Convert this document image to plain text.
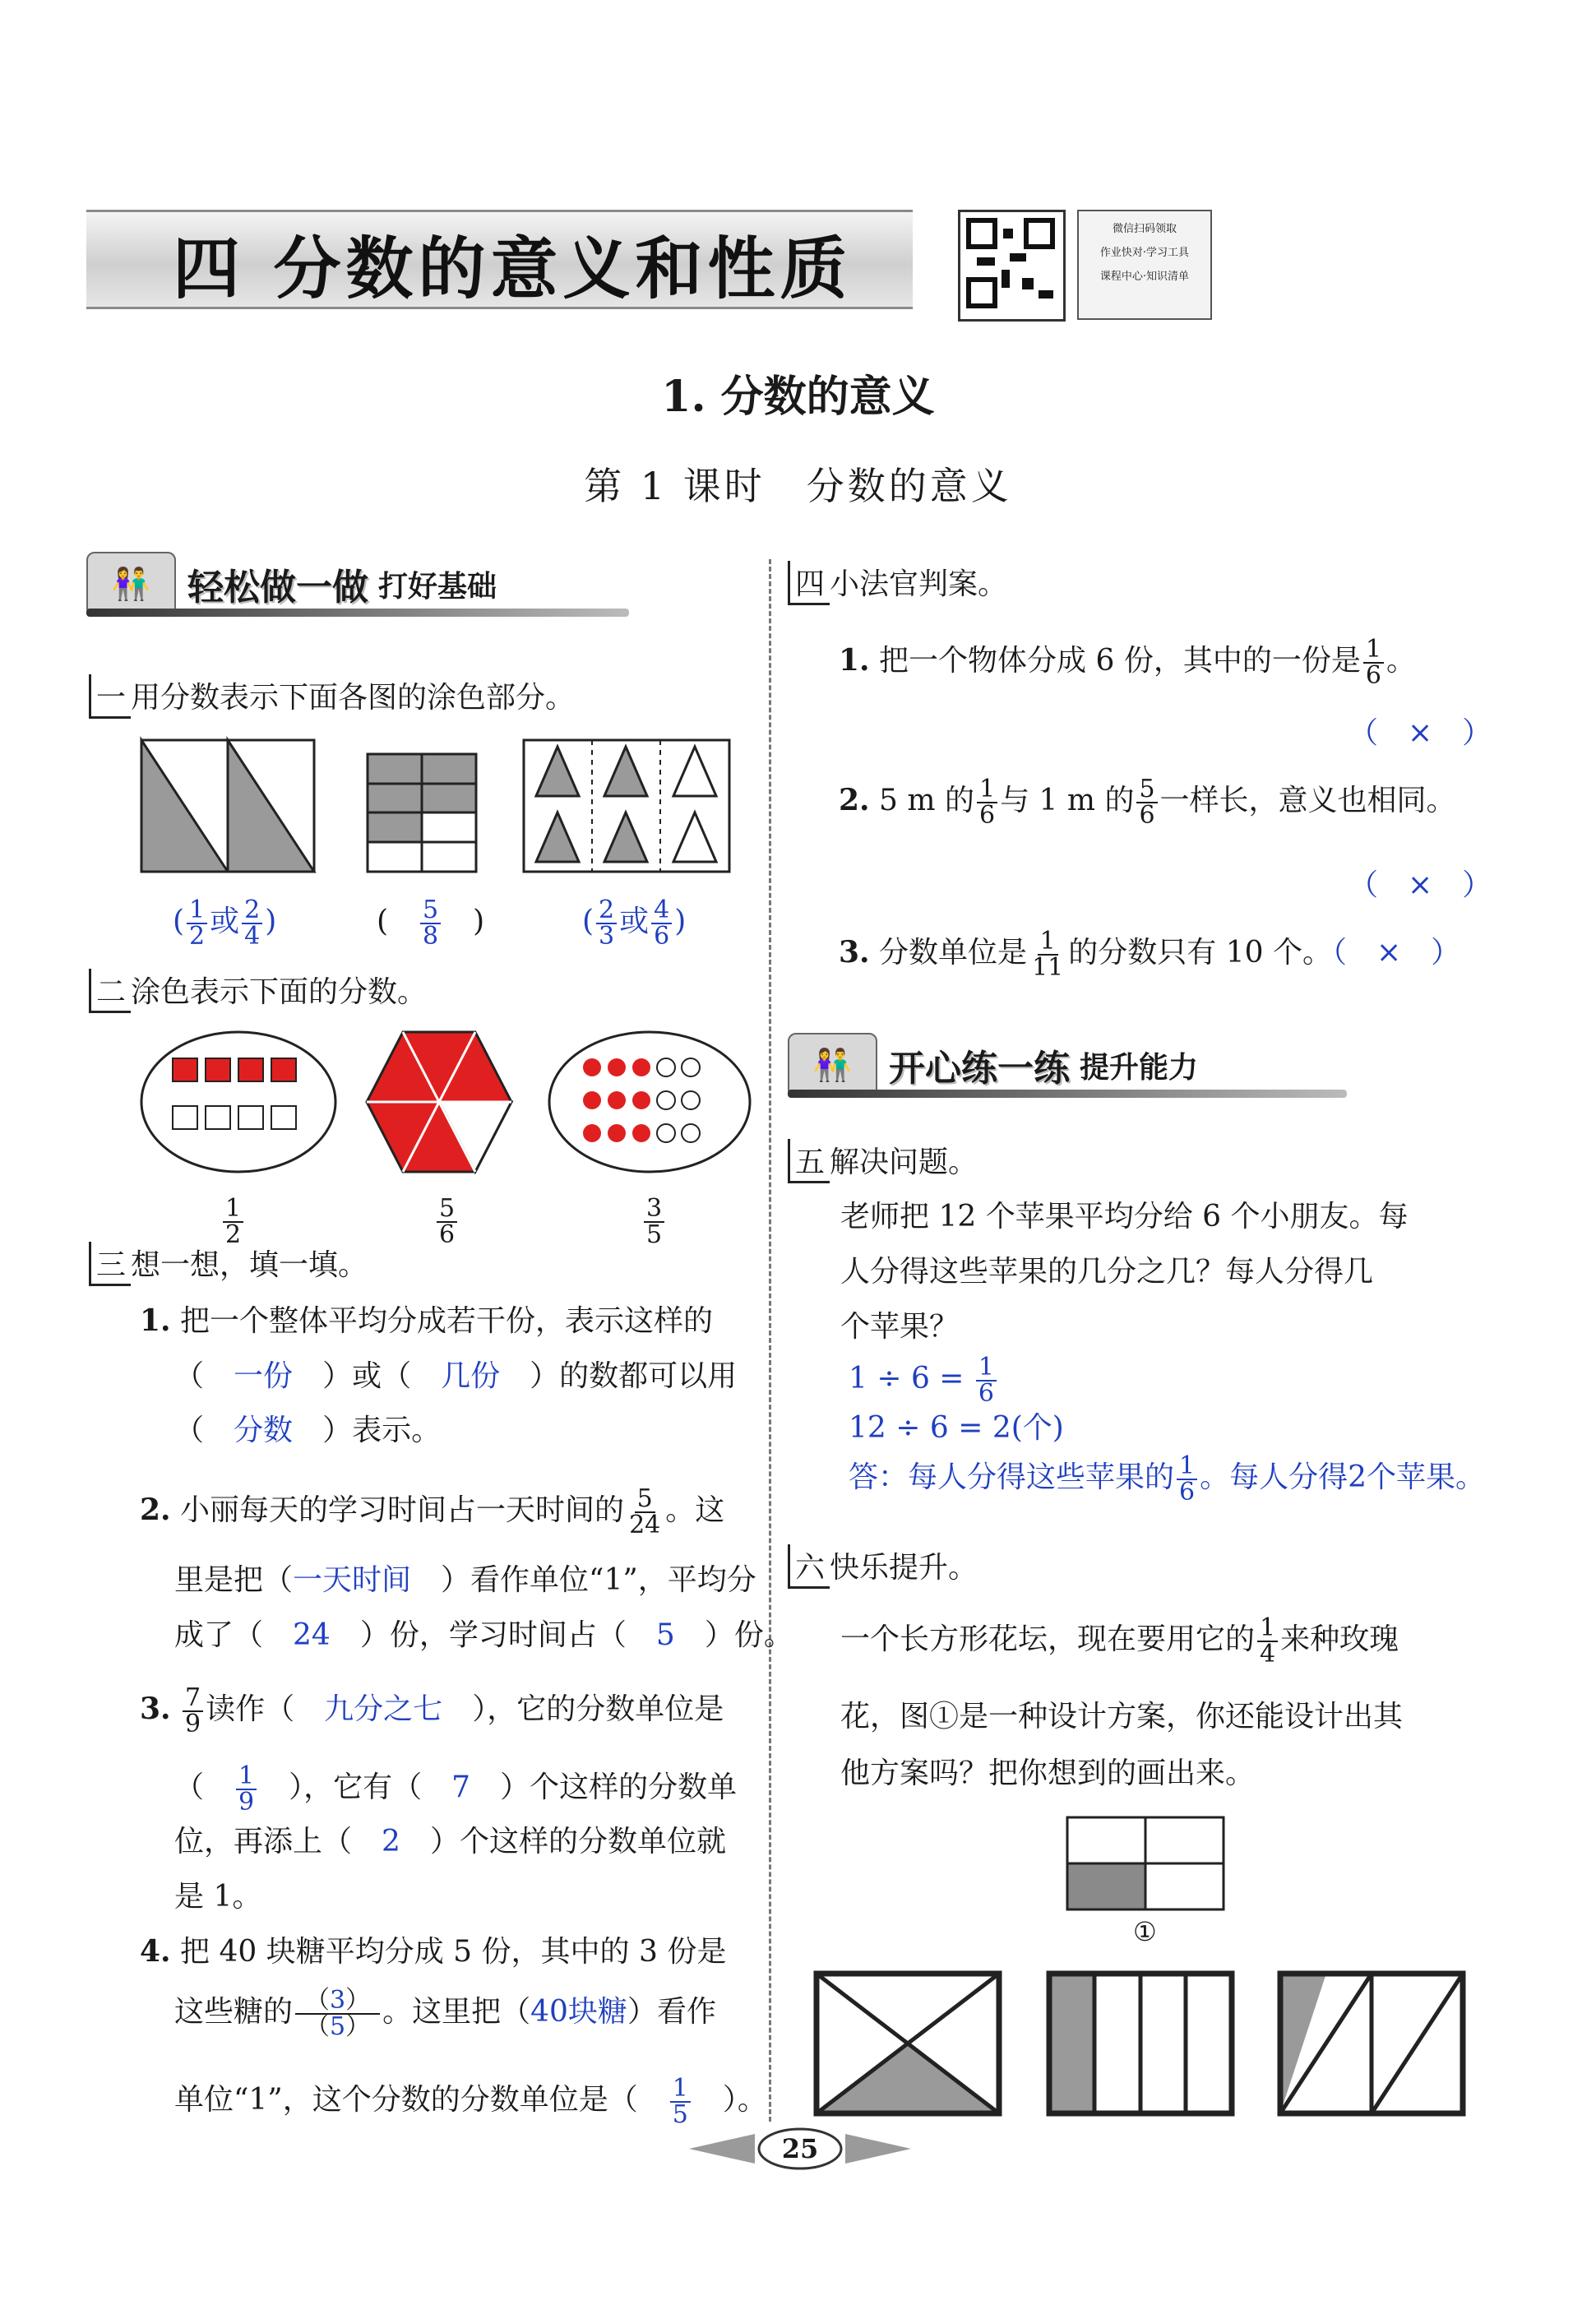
四 分数的意义和性质
微信扫码领取
作业快对·学习工具
课程中心·知识清单
1. 分数的意义
第 1 课时　分数的意义
👫	轻松做一做 打好基础
一 用分数表示下面各图的涂色部分。
( $\frac{1}{2}$ 或 $\frac{2}{4}$ )	(　 $\frac{5}{8}$ 　)	( $\frac{2}{3}$ 或 $\frac{4}{6}$ )
二 涂色表示下面的分数。
$\frac{1}{2}$	$\frac{5}{6}$	$\frac{3}{5}$
三 想一想，填一填。
1. 把一个整体平均分成若干份，表示这样的
（　 一份　 ）或（　 几份　 ）的数都可以用
（　 分数　 ）表示。
2. 小丽每天的学习时间占一天时间的 $\frac{5}{24}$ 。这
里是把（一天时间　 ）看作单位“1”，平均分
成了（　 24　 ）份，学习时间占（　 5　 ）份。
3. $\frac{7}{9}$ 读作（　 九分之七　 ），它的分数单位是
（　 $\frac{1}{9}$
　 ），它有（　 7　 ）个这样的分数单
位，再添上（　 2　 ）个这样的分数单位就
是 1。
4. 把 40 块糖平均分成 5 份，其中的 3 份是
这些糖的 $\frac{(3)}{(5)}$ 。这里把（40块糖）看作
单位“1”，这个分数的分数单位是（　 $\frac{1}{5}$
　 ）。
四 小法官判案。
1. 把一个物体分成 6 份，其中的一份是 $\frac{1}{6}$ 。
（　×　）
2. 5 m 的 $\frac{1}{6}$ 与 1 m 的 $\frac{5}{6}$ 一样长，意义也相同。
（　×　）
3. 分数单位是 $\frac{1}{11}$ 的分数只有 10 个。（　×　）
👫	开心练一练 提升能力
五 解决问题。
老师把 12 个苹果平均分给 6 个小朋友。每
人分得这些苹果的几分之几？每人分得几
个苹果？
$1 \div 6 = \frac{1}{6}$
12 ÷ 6 = 2(个)
答：每人分得这些苹果的 $\frac{1}{6}$ 。每人分得2个苹果。
六 快乐提升。
一个长方形花坛，现在要用它的 $\frac{1}{4}$ 来种玫瑰
花，图①是一种设计方案，你还能设计出其
他方案吗？把你想到的画出来。
①
25
